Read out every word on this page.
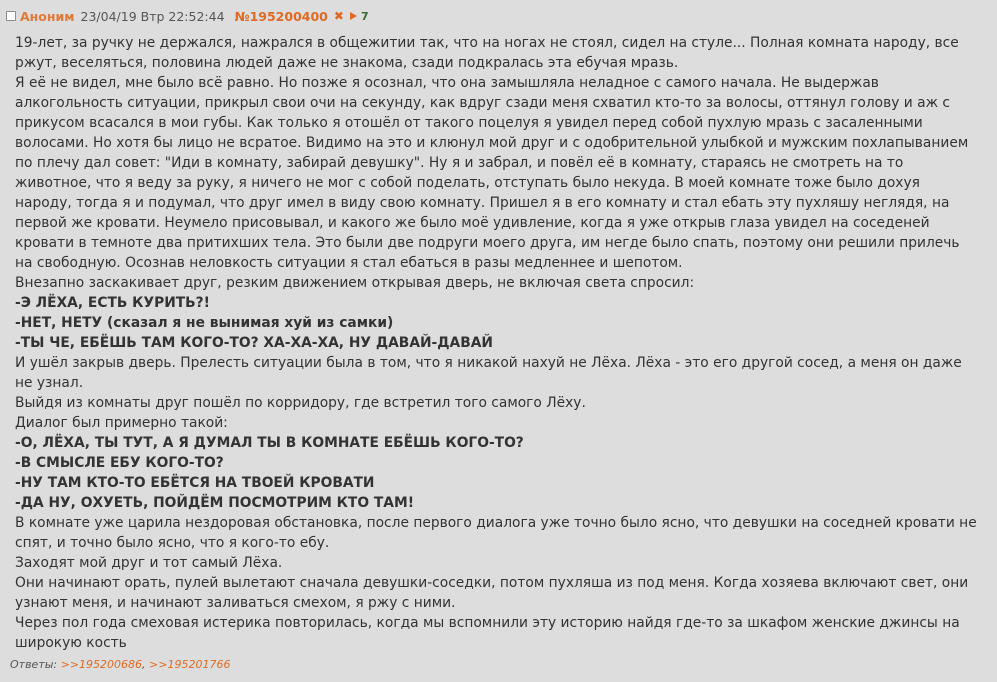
Аноним 23/04/19 Втр 22:52:44 №195200400 ✖ 7
19-лет, за ручку не держался, нажрался в общежитии так, что на ногах не стоял, сидел на стуле... Полная комната народу, все
ржут, веселяться, половина людей даже не знакома, сзади подкралась эта ебучая мразь.
Я её не видел, мне было всё равно. Но позже я осознал, что она замышляла неладное с самого начала. Не выдержав
алкогольность ситуации, прикрыл свои очи на секунду, как вдруг сзади меня схватил кто-то за волосы, оттянул голову и аж с
прикусом всасался в мои губы. Как только я отошёл от такого поцелуя я увидел перед собой пухлую мразь с засаленными
волосами. Но хотя бы лицо не всратое. Видимо на это и клюнул мой друг и с одобрительной улыбкой и мужским похлапыванием
по плечу дал совет: "Иди в комнату, забирай девушку". Ну я и забрал, и повёл её в комнату, стараясь не смотреть на то
животное, что я веду за руку, я ничего не мог с собой поделать, отступать было некуда. В моей комнате тоже было дохуя
народу, тогда я и подумал, что друг имел в виду свою комнату. Пришел я в его комнату и стал ебать эту пухляшу неглядя, на
первой же кровати. Неумело присовывал, и какого же было моё удивление, когда я уже открыв глаза увидел на соседеней
кровати в темноте два притихших тела. Это были две подруги моего друга, им негде было спать, поэтому они решили прилечь
на свободную. Осознав неловкость ситуации я стал ебаться в разы медленнее и шепотом.
Внезапно заскакивает друг, резким движением открывая дверь, не включая света спросил:
-Э ЛЁХА, ЕСТЬ КУРИТЬ?!
-НЕТ, НЕТУ (сказал я не вынимая хуй из самки)
-ТЫ ЧЕ, ЕБЁШЬ ТАМ КОГО-ТО? ХА-ХА-ХА, НУ ДАВАЙ-ДАВАЙ
И ушёл закрыв дверь. Прелесть ситуации была в том, что я никакой нахуй не Лёха. Лёха - это его другой сосед, а меня он даже
не узнал.
Выйдя из комнаты друг пошёл по корридору, где встретил того самого Лёху.
Диалог был примерно такой:
-О, ЛЁХА, ТЫ ТУТ, А Я ДУМАЛ ТЫ В КОМНАТЕ ЕБЁШЬ КОГО-ТО?
-В СМЫСЛЕ ЕБУ КОГО-ТО?
-НУ ТАМ КТО-ТО ЕБЁТСЯ НА ТВОЕЙ КРОВАТИ
-ДА НУ, ОХУЕТЬ, ПОЙДЁМ ПОСМОТРИМ КТО ТАМ!
В комнате уже царила нездоровая обстановка, после первого диалога уже точно было ясно, что девушки на соседней кровати не
спят, и точно было ясно, что я кого-то ебу.
Заходят мой друг и тот самый Лёха.
Они начинают орать, пулей вылетают сначала девушки-соседки, потом пухляша из под меня. Когда хозяева включают свет, они
узнают меня, и начинают заливаться смехом, я ржу с ними.
Через пол года смеховая истерика повторилась, когда мы вспомнили эту историю найдя где-то за шкафом женские джинсы на
широкую кость
Ответы: >>195200686, >>195201766
